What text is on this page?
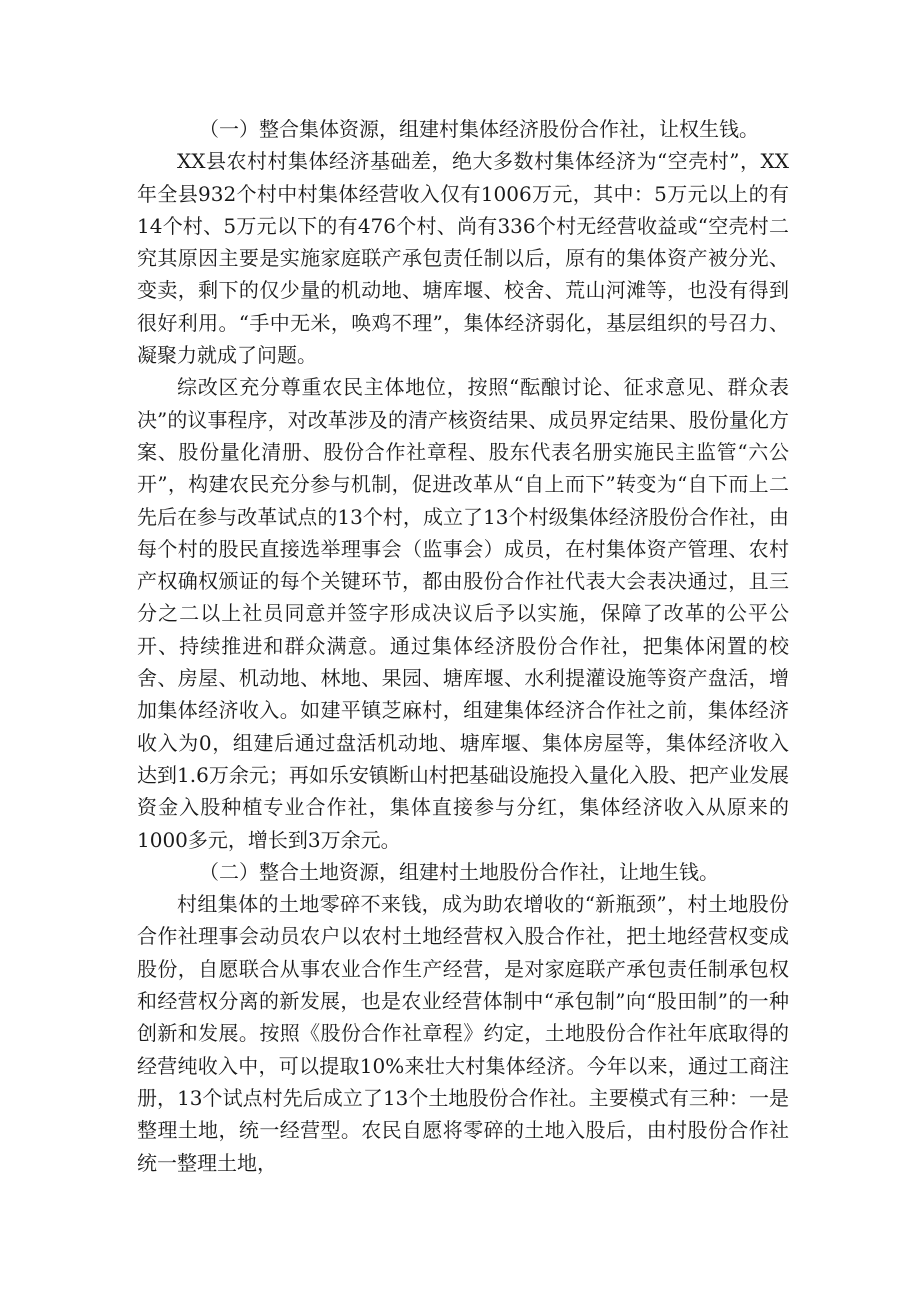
（一）整合集体资源，组建村集体经济股份合作社，让权生钱。

XX县农村村集体经济基础差，绝大多数村集体经济为“空壳村”，XX年全县932个村中村集体经营收入仅有1006万元，其中：5万元以上的有14个村、5万元以下的有476个村、尚有336个村无经营收益或“空壳村二究其原因主要是实施家庭联产承包责任制以后，原有的集体资产被分光、变卖，剩下的仅少量的机动地、塘库堰、校舍、荒山河滩等，也没有得到很好利用。“手中无米，唤鸡不理”，集体经济弱化，基层组织的号召力、凝聚力就成了问题。

综改区充分尊重农民主体地位，按照“酝酿讨论、征求意见、群众表决”的议事程序，对改革涉及的清产核资结果、成员界定结果、股份量化方案、股份量化清册、股份合作社章程、股东代表名册实施民主监管“六公开”，构建农民充分参与机制，促进改革从“自上而下”转变为“自下而上二先后在参与改革试点的13个村，成立了13个村级集体经济股份合作社，由每个村的股民直接选举理事会（监事会）成员，在村集体资产管理、农村产权确权颁证的每个关键环节，都由股份合作社代表大会表决通过，且三分之二以上社员同意并签字形成决议后予以实施，保障了改革的公平公开、持续推进和群众满意。通过集体经济股份合作社，把集体闲置的校舍、房屋、机动地、林地、果园、塘库堰、水利提灌设施等资产盘活，增加集体经济收入。如建平镇芝麻村，组建集体经济合作社之前，集体经济收入为0，组建后通过盘活机动地、塘库堰、集体房屋等，集体经济收入达到1.6万余元；再如乐安镇断山村把基础设施投入量化入股、把产业发展资金入股种植专业合作社，集体直接参与分红，集体经济收入从原来的1000多元，增长到3万余元。

（二）整合土地资源，组建村土地股份合作社，让地生钱。

村组集体的土地零碎不来钱，成为助农增收的“新瓶颈”，村土地股份合作社理事会动员农户以农村土地经营权入股合作社，把土地经营权变成股份，自愿联合从事农业合作生产经营，是对家庭联产承包责任制承包权和经营权分离的新发展，也是农业经营体制中“承包制”向“股田制”的一种创新和发展。按照《股份合作社章程》约定，土地股份合作社年底取得的经营纯收入中，可以提取10%来壮大村集体经济。今年以来，通过工商注册，13个试点村先后成立了13个土地股份合作社。主要模式有三种：一是整理土地，统一经营型。农民自愿将零碎的土地入股后，由村股份合作社统一整理土地，
